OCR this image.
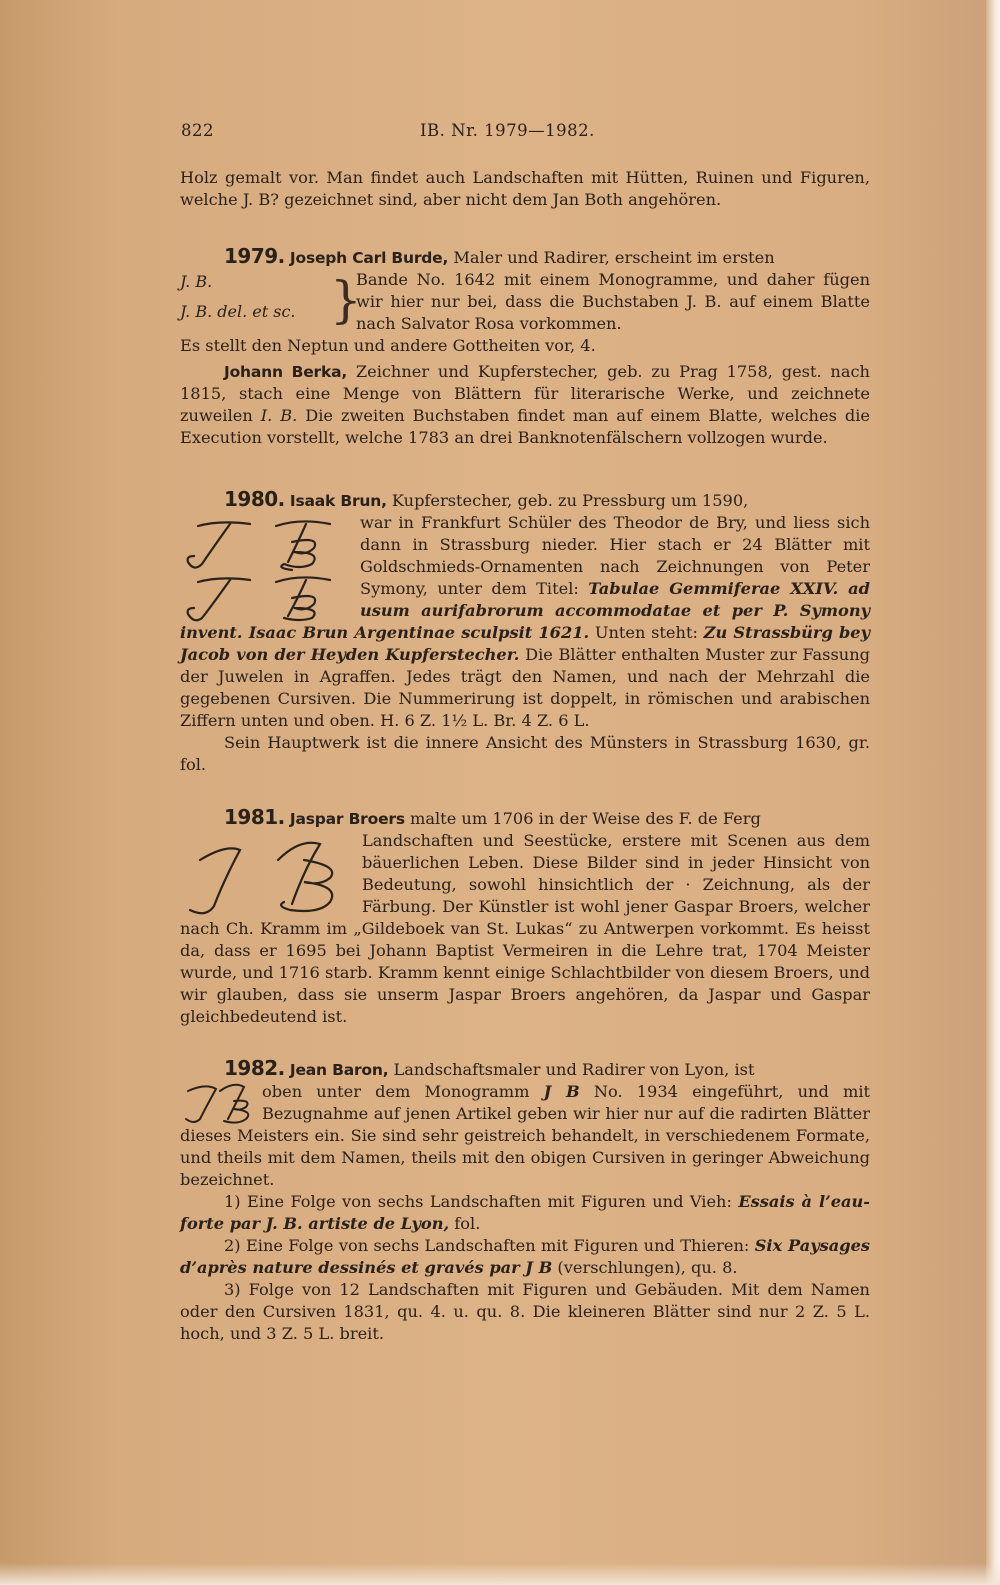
822	IB. Nr. 1979—1982.

Holz gemalt vor. Man findet auch Landschaften mit Hütten, Ruinen und Figuren, welche J. B? gezeichnet sind, aber nicht dem Jan Both angehören.

1979. Joseph Carl Burde, Maler und Radirer, erscheint im ersten

J. B.
J. B. del. et sc. }

Bande No. 1642 mit einem Monogramme, und daher fügen wir hier nur bei, dass die Buchstaben J. B. auf einem Blatte nach Salvator Rosa vorkommen.

Es stellt den Neptun und andere Gottheiten vor, 4.

Johann Berka, Zeichner und Kupferstecher, geb. zu Prag 1758, gest. nach 1815, stach eine Menge von Blättern für literarische Werke, und zeichnete zuweilen I. B. Die zweiten Buchstaben findet man auf einem Blatte, welches die Execution vorstellt, welche 1783 an drei Banknotenfälschern vollzogen wurde.

1980. Isaak Brun, Kupferstecher, geb. zu Pressburg um 1590,

war in Frankfurt Schüler des Theodor de Bry, und liess sich dann in Strassburg nieder. Hier stach er 24 Blätter mit Goldschmieds-Ornamenten nach Zeichnungen von Peter Symony, unter dem Titel: Tabulae Gemmiferae XXIV. ad usum aurifabrorum accommodatae et per P. Symony invent. Isaac Brun Argentinae sculpsit 1621. Unten steht: Zu Strassbürg bey Jacob von der Heyden Kupferstecher. Die Blätter enthalten Muster zur Fassung der Juwelen in Agraffen. Jedes trägt den Namen, und nach der Mehrzahl die gegebenen Cursiven. Die Nummerirung ist doppelt, in römischen und arabischen Ziffern unten und oben. H. 6 Z. 1½ L. Br. 4 Z. 6 L.

Sein Hauptwerk ist die innere Ansicht des Münsters in Strassburg 1630, gr. fol.

1981. Jaspar Broers malte um 1706 in der Weise des F. de Ferg

Landschaften und Seestücke, erstere mit Scenen aus dem bäuerlichen Leben. Diese Bilder sind in jeder Hinsicht von Bedeutung, sowohl hinsichtlich der · Zeichnung, als der Färbung. Der Künstler ist wohl jener Gaspar Broers, welcher nach Ch. Kramm im „Gildeboek van St. Lukas“ zu Antwerpen vorkommt. Es heisst da, dass er 1695 bei Johann Baptist Vermeiren in die Lehre trat, 1704 Meister wurde, und 1716 starb. Kramm kennt einige Schlachtbilder von diesem Broers, und wir glauben, dass sie unserm Jaspar Broers angehören, da Jaspar und Gaspar gleichbedeutend ist.

1982. Jean Baron, Landschaftsmaler und Radirer von Lyon, ist

oben unter dem Monogramm J B No. 1934 eingeführt, und mit Bezugnahme auf jenen Artikel geben wir hier nur auf die radirten Blätter dieses Meisters ein. Sie sind sehr geistreich behandelt, in verschiedenem Formate, und theils mit dem Namen, theils mit den obigen Cursiven in geringer Abweichung bezeichnet.

1) Eine Folge von sechs Landschaften mit Figuren und Vieh: Essais à l’eau-forte par J. B. artiste de Lyon, fol.

2) Eine Folge von sechs Landschaften mit Figuren und Thieren: Six Paysages d’après nature dessinés et gravés par J B (verschlungen), qu. 8.

3) Folge von 12 Landschaften mit Figuren und Gebäuden. Mit dem Namen oder den Cursiven 1831, qu. 4. u. qu. 8. Die kleineren Blätter sind nur 2 Z. 5 L. hoch, und 3 Z. 5 L. breit.
